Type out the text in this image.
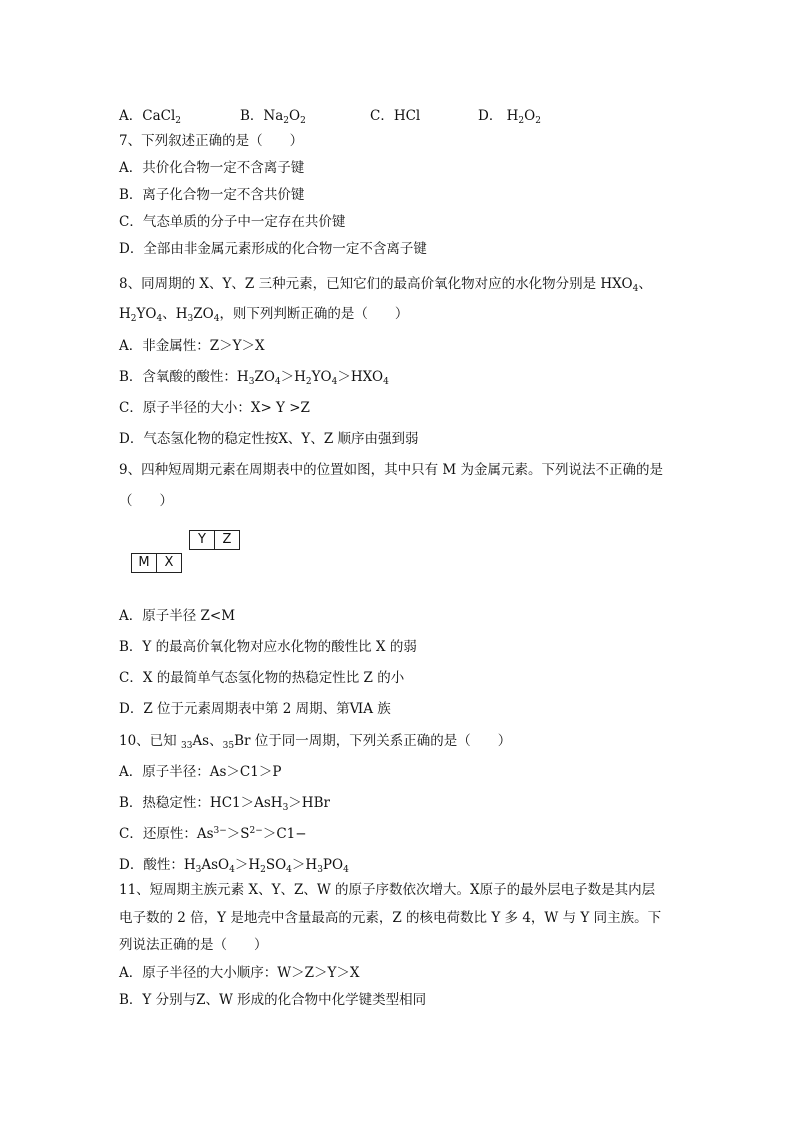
A．CaCl$_2$	B．$Na_2O_2$	C．HCl	D． $H_2O_2$
7、下列叙述正确的是（　　）
A．共价化合物一定不含离子键
B．离子化合物一定不含共价键
C．气态单质的分子中一定存在共价键
D．全部由非金属元素形成的化合物一定不含离子键
8、同周期的 X、Y、Z 三种元素，已知它们的最高价氧化物对应的水化物分别是 $HXO_4$、
$H_2YO_4$、$H_3ZO_4$，则下列判断正确的是（　　）
A．非金属性：Z＞Y＞X
B．含氧酸的酸性：$H_3ZO_4>H_2YO_4>HXO_4$
C．原子半径的大小：X> Y >Z
D．气态氢化物的稳定性按X、Y、Z 顺序由强到弱
9、四种短周期元素在周期表中的位置如图，其中只有 M 为金属元素。下列说法不正确的是
（　　）
Y	Z
M	X
A．原子半径 Z<M
B．Y 的最高价氧化物对应水化物的酸性比 X 的弱
C．X 的最简单气态氢化物的热稳定性比 Z 的小
D．Z 位于元素周期表中第 2 周期、第ⅥA 族
10、已知 $_{33}$As、$_{35}$Br 位于同一周期，下列关系正确的是（　　）
A．原子半径：As＞C1＞P
B．热稳定性：HC1＞AsH$_3$＞HBr
C．还原性：$As^{3-}>S^{2-}>C1-$
D．酸性：$H_3AsO_4>H_2SO_4>H_3PO_4$
11、短周期主族元素 X、Y、Z、W 的原子序数依次增大。X原子的最外层电子数是其内层
电子数的 2 倍，Y 是地壳中含量最高的元素，Z 的核电荷数比 Y 多 4，W 与 Y 同主族。下
列说法正确的是（　　）
A．原子半径的大小顺序：W＞Z＞Y＞X
B．Y 分别与Z、W 形成的化合物中化学键类型相同
